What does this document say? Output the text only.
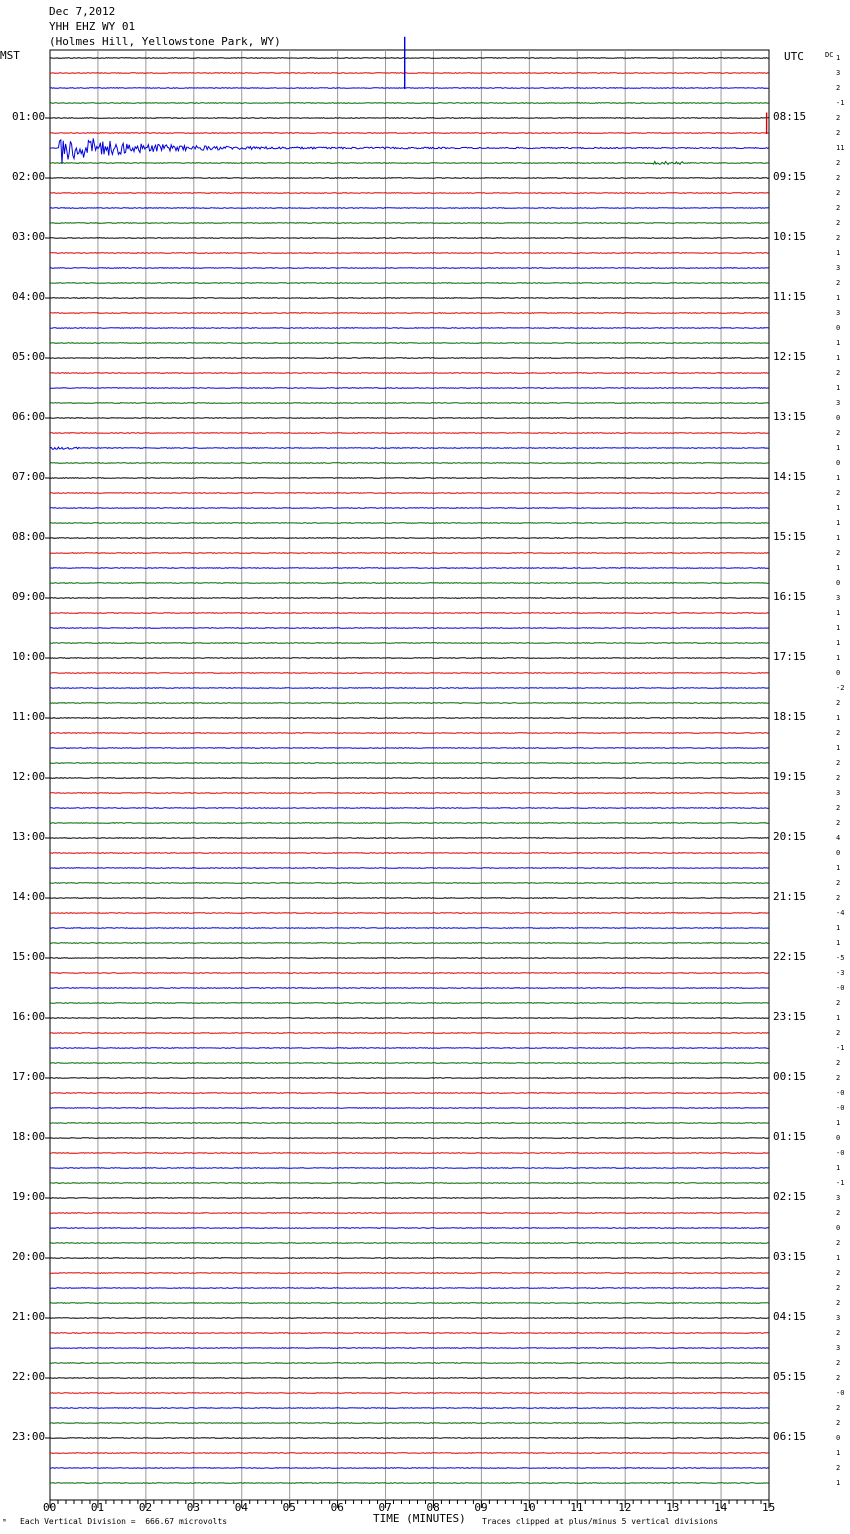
Dec 7,2012
YHH EHZ WY 01
(Holmes Hill, Yellowstone Park, WY)
MST	DC
ᵐ Each Vertical Division =  666.67 microvolts	TIME (MINUTES) Traces clipped at plus/minus 5 vertical divisions
1
3
2
-1
2
2
11
2
2
2
2
2
2
1
3
2
1
3
0
1
1
2
1
3
0
2
1
0
1
2
1
1
1
2
1
0
3
1
1
1
1
0
-2
2
1
2
1
2
2
3
2
2
4
0
1
2
2
-4
1
1
-5
-3
-0
2
1
2
-1
2
2
-0
-0
1
0
-0
1
-1
3
2
0
2
1
2
2
2
3
2
3
2
2
-0
2
2
0
1
2
1
01:00
02:00
03:00
04:00
05:00
06:00
07:00
08:00
09:00
10:00
11:00
12:00
13:00
14:00
15:00
16:00
17:00
18:00
19:00
20:00
21:00
22:00
23:00
UTC
08:15
09:15
10:15
11:15
12:15
13:15
14:15
15:15
16:15
17:15
18:15
19:15
20:15
21:15
22:15
23:15
00:15
01:15
02:15
03:15
04:15
05:15
06:15
00	01	02	03	04	05	06	07	08	09	10	11	12	13	14	15
